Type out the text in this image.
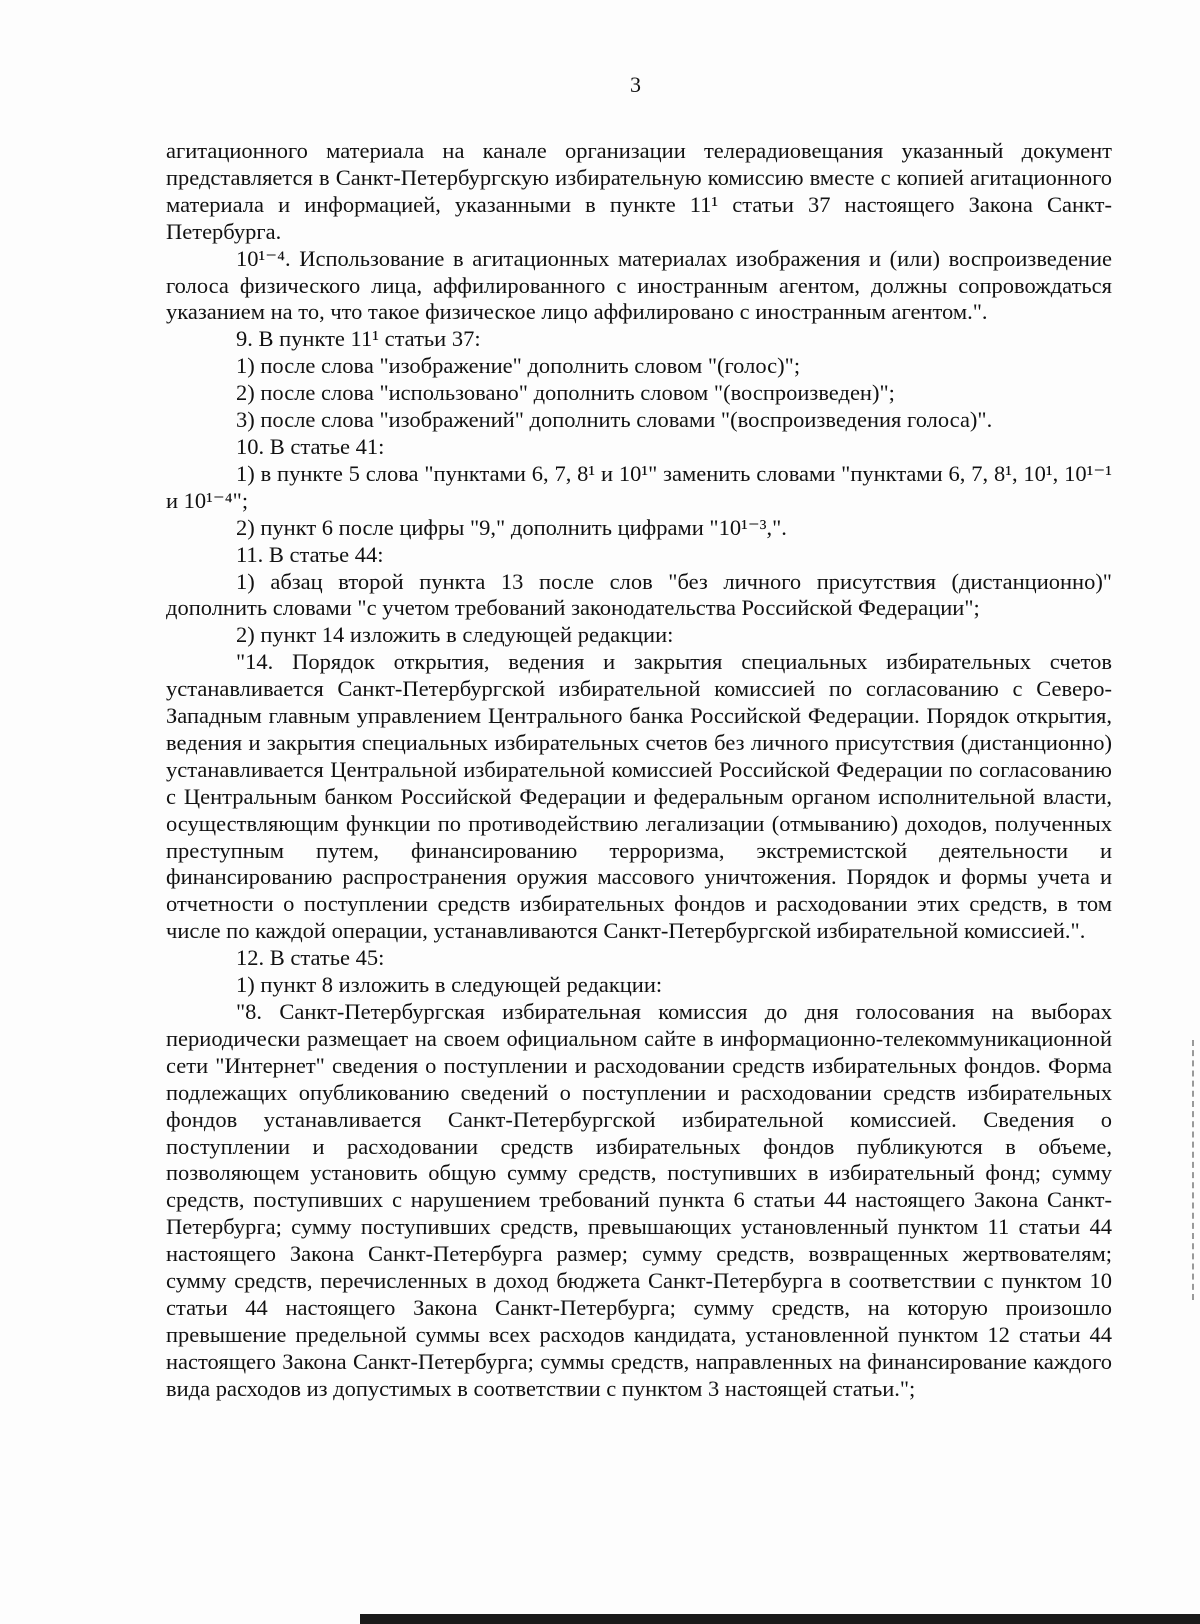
3

агитационного материала на канале организации телерадиовещания указанный документ представляется в Санкт-Петербургскую избирательную комиссию вместе с копией агитационного материала и информацией, указанными в пункте 11¹ статьи 37 настоящего Закона Санкт-Петербурга.

10¹⁻⁴. Использование в агитационных материалах изображения и (или) воспроизведение голоса физического лица, аффилированного с иностранным агентом, должны сопровождаться указанием на то, что такое физическое лицо аффилировано с иностранным агентом.".

9. В пункте 11¹ статьи 37:

1) после слова "изображение" дополнить словом "(голос)";

2) после слова "использовано" дополнить словом "(воспроизведен)";

3) после слова "изображений" дополнить словами "(воспроизведения голоса)".

10. В статье 41:

1) в пункте 5 слова "пунктами 6, 7, 8¹ и 10¹" заменить словами "пунктами 6, 7, 8¹, 10¹, 10¹⁻¹ и 10¹⁻⁴";

2) пункт 6 после цифры "9," дополнить цифрами "10¹⁻³,".

11. В статье 44:

1) абзац второй пункта 13 после слов "без личного присутствия (дистанционно)" дополнить словами "с учетом требований законодательства Российской Федерации";

2) пункт 14 изложить в следующей редакции:

"14. Порядок открытия, ведения и закрытия специальных избирательных счетов устанавливается Санкт-Петербургской избирательной комиссией по согласованию с Северо-Западным главным управлением Центрального банка Российской Федерации. Порядок открытия, ведения и закрытия специальных избирательных счетов без личного присутствия (дистанционно) устанавливается Центральной избирательной комиссией Российской Федерации по согласованию с Центральным банком Российской Федерации и федеральным органом исполнительной власти, осуществляющим функции по противодействию легализации (отмыванию) доходов, полученных преступным путем, финансированию терроризма, экстремистской деятельности и финансированию распространения оружия массового уничтожения. Порядок и формы учета и отчетности о поступлении средств избирательных фондов и расходовании этих средств, в том числе по каждой операции, устанавливаются Санкт-Петербургской избирательной комиссией.".

12. В статье 45:

1) пункт 8 изложить в следующей редакции:

"8. Санкт-Петербургская избирательная комиссия до дня голосования на выборах периодически размещает на своем официальном сайте в информационно-телекоммуникационной сети "Интернет" сведения о поступлении и расходовании средств избирательных фондов. Форма подлежащих опубликованию сведений о поступлении и расходовании средств избирательных фондов устанавливается Санкт-Петербургской избирательной комиссией. Сведения о поступлении и расходовании средств избирательных фондов публикуются в объеме, позволяющем установить общую сумму средств, поступивших в избирательный фонд; сумму средств, поступивших с нарушением требований пункта 6 статьи 44 настоящего Закона Санкт-Петербурга; сумму поступивших средств, превышающих установленный пунктом 11 статьи 44 настоящего Закона Санкт-Петербурга размер; сумму средств, возвращенных жертвователям; сумму средств, перечисленных в доход бюджета Санкт-Петербурга в соответствии с пунктом 10 статьи 44 настоящего Закона Санкт-Петербурга; сумму средств, на которую произошло превышение предельной суммы всех расходов кандидата, установленной пунктом 12 статьи 44 настоящего Закона Санкт-Петербурга; суммы средств, направленных на финансирование каждого вида расходов из допустимых в соответствии с пунктом 3 настоящей статьи.";
